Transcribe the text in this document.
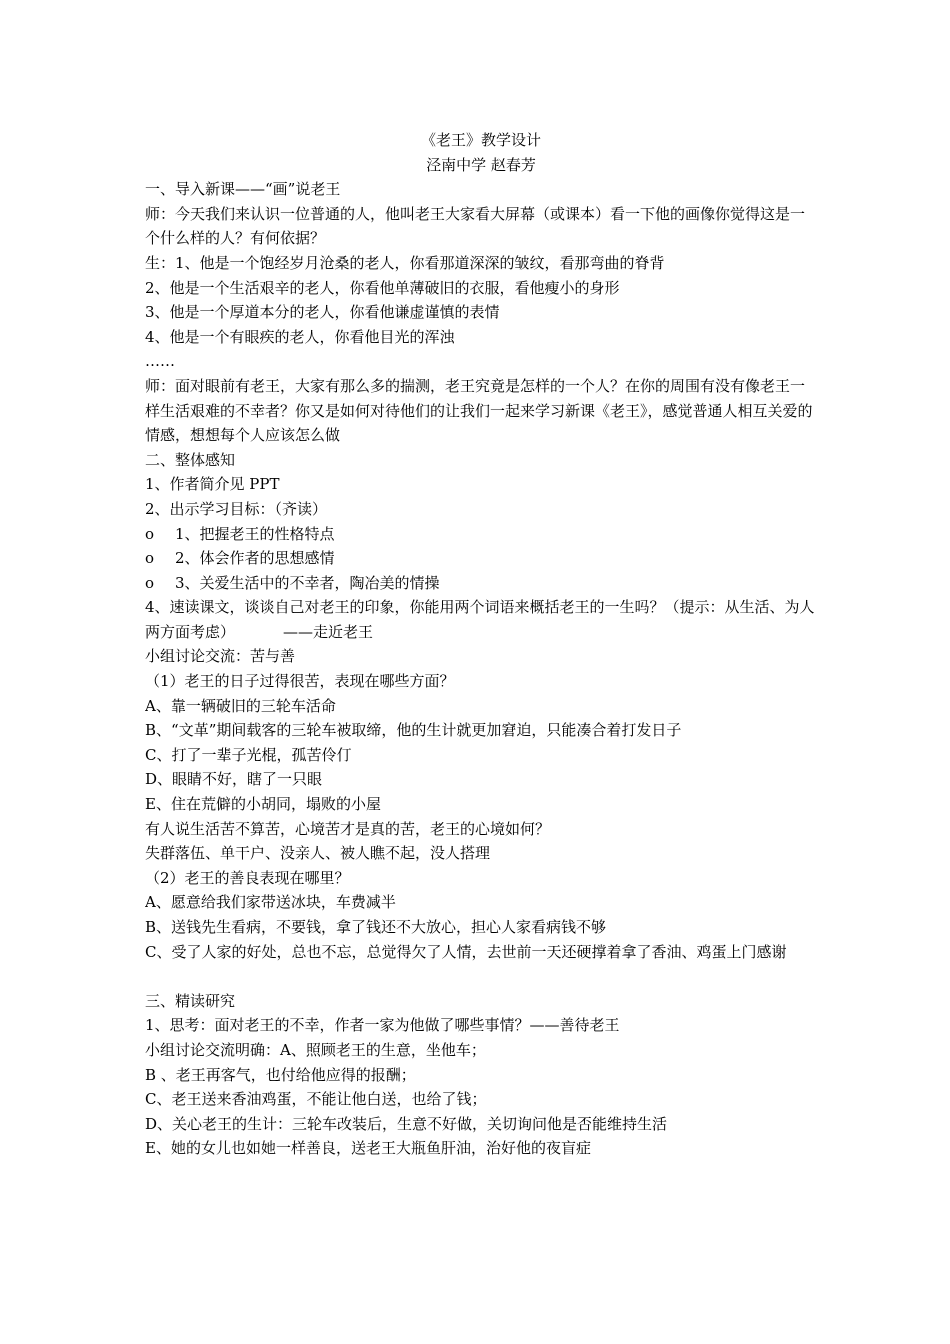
《老王》教学设计
泾南中学 赵春芳
一、导入新课——“画”说老王
师：今天我们来认识一位普通的人，他叫老王大家看大屏幕（或课本）看一下他的画像你觉得这是一个什么样的人？有何依据？
生：1、他是一个饱经岁月沧桑的老人，你看那道深深的皱纹，看那弯曲的脊背
2、他是一个生活艰辛的老人，你看他单薄破旧的衣服，看他瘦小的身形
3、他是一个厚道本分的老人，你看他谦虚谨慎的表情
4、他是一个有眼疾的老人，你看他目光的浑浊
……
师：面对眼前有老王，大家有那么多的揣测，老王究竟是怎样的一个人？在你的周围有没有像老王一样生活艰难的不幸者？你又是如何对待他们的让我们一起来学习新课《老王》，感觉普通人相互关爱的情感，想想每个人应该怎么做
二、整体感知
1、作者简介见 PPT
2、出示学习目标：（齐读）
o 1、把握老王的性格特点
o 2、体会作者的思想感情
o 3、关爱生活中的不幸者，陶冶美的情操
4、速读课文，谈谈自己对老王的印象，你能用两个词语来概括老王的一生吗？（提示：从生活、为人两方面考虑）	——走近老王
小组讨论交流：苦与善
（1）老王的日子过得很苦，表现在哪些方面？
A、靠一辆破旧的三轮车活命
B、“文革”期间载客的三轮车被取缔，他的生计就更加窘迫，只能凑合着打发日子
C、打了一辈子光棍，孤苦伶仃
D、眼睛不好，瞎了一只眼
E、住在荒僻的小胡同，塌败的小屋
有人说生活苦不算苦，心境苦才是真的苦，老王的心境如何？
失群落伍、单干户、没亲人、被人瞧不起，没人搭理
（2）老王的善良表现在哪里？
A、愿意给我们家带送冰块，车费减半
B、送钱先生看病，不要钱，拿了钱还不大放心，担心人家看病钱不够
C、受了人家的好处，总也不忘，总觉得欠了人情，去世前一天还硬撑着拿了香油、鸡蛋上门感谢
三、精读研究
1、思考：面对老王的不幸，作者一家为他做了哪些事情？——善待老王
小组讨论交流明确：A、照顾老王的生意，坐他车；
B 、老王再客气，也付给他应得的报酬；
C、老王送来香油鸡蛋，不能让他白送，也给了钱；
D、关心老王的生计：三轮车改装后，生意不好做，关切询问他是否能维持生活
E、她的女儿也如她一样善良，送老王大瓶鱼肝油，治好他的夜盲症
